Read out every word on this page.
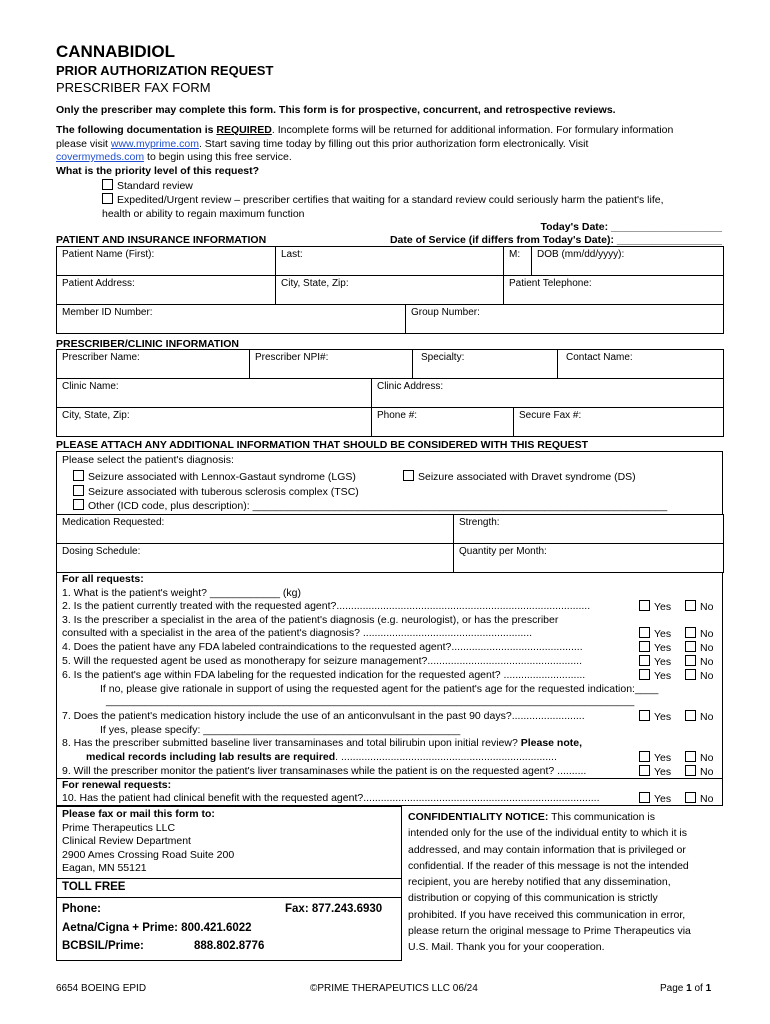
CANNABIDIOL
PRIOR AUTHORIZATION REQUEST
PRESCRIBER FAX FORM
Only the prescriber may complete this form. This form is for prospective, concurrent, and retrospective reviews.
The following documentation is REQUIRED. Incomplete forms will be returned for additional information. For formulary information
please visit www.myprime.com. Start saving time today by filling out this prior authorization form electronically. Visit
covermymeds.com to begin using this free service.
What is the priority level of this request?
Standard review
Expedited/Urgent review – prescriber certifies that waiting for a standard review could seriously harm the patient's life,
health or ability to regain maximum function
Today's Date: ___________________
PATIENT AND INSURANCE INFORMATION	Date of Service (if differs from Today's Date): __________________
Patient Name (First):	Last:	M:	DOB (mm/dd/yyyy):
Patient Address:	City, State, Zip:	Patient Telephone:	
Member ID Number:	Group Number:
PRESCRIBER/CLINIC INFORMATION
Prescriber Name:	Prescriber NPI#:	Specialty:	Contact Name:
Clinic Name:	Clinic Address:	
City, State, Zip:	Phone #:	Secure Fax #:
PLEASE ATTACH ANY ADDITIONAL INFORMATION THAT SHOULD BE CONSIDERED WITH THIS REQUEST
Please select the patient's diagnosis:
Seizure associated with Lennox-Gastaut syndrome (LGS)	Seizure associated with Dravet syndrome (DS)
Seizure associated with tuberous sclerosis complex (TSC)
Other (ICD code, plus description): _______________________________________________________________________
Medication Requested:	Strength:
Dosing Schedule:	Quantity per Month:
For all requests:
1. What is the patient's weight? ____________ (kg)
2. Is the patient currently treated with the requested agent?.......................................................................................	Yes	No
3. Is the prescriber a specialist in the area of the patient's diagnosis (e.g. neurologist), or has the prescriber
consulted with a specialist in the area of the patient's diagnosis? ..........................................................	Yes	No
4. Does the patient have any FDA labeled contraindications to the requested agent?.............................................	Yes	No
5. Will the requested agent be used as monotherapy for seizure management?.....................................................	Yes	No
6. Is the patient's age within FDA labeling for the requested indication for the requested agent? ............................	Yes	No
If no, please give rationale in support of using the requested agent for the patient's age for the requested indication:____
_______________________________________________________________________________________________
7. Does the patient's medication history include the use of an anticonvulsant in the past 90 days?.........................	Yes	No
If yes, please specify: ____________________________________________
8. Has the prescriber submitted baseline liver transaminases and total bilirubin upon initial review? Please note,
medical records including lab results are required. ..........................................................................	Yes	No
9. Will the prescriber monitor the patient's liver transaminases while the patient is on the requested agent? ..........	Yes	No
For renewal requests:
10. Has the patient had clinical benefit with the requested agent?.................................................................................	Yes	No
Please fax or mail this form to:
Prime Therapeutics LLC
Clinical Review Department
2900 Ames Crossing Road Suite 200
Eagan, MN 55121
TOLL FREE
Phone:	Fax: 877.243.6930
Aetna/Cigna + Prime: 800.421.6022
BCBSIL/Prime:	888.802.8776
CONFIDENTIALITY NOTICE: This communication is
intended only for the use of the individual entity to which it is
addressed, and may contain information that is privileged or
confidential. If the reader of this message is not the intended
recipient, you are hereby notified that any dissemination,
distribution or copying of this communication is strictly
prohibited. If you have received this communication in error,
please return the original message to Prime Therapeutics via
U.S. Mail. Thank you for your cooperation.
6654 BOEING EPID	©PRIME THERAPEUTICS LLC 06/24	Page 1 of 1
